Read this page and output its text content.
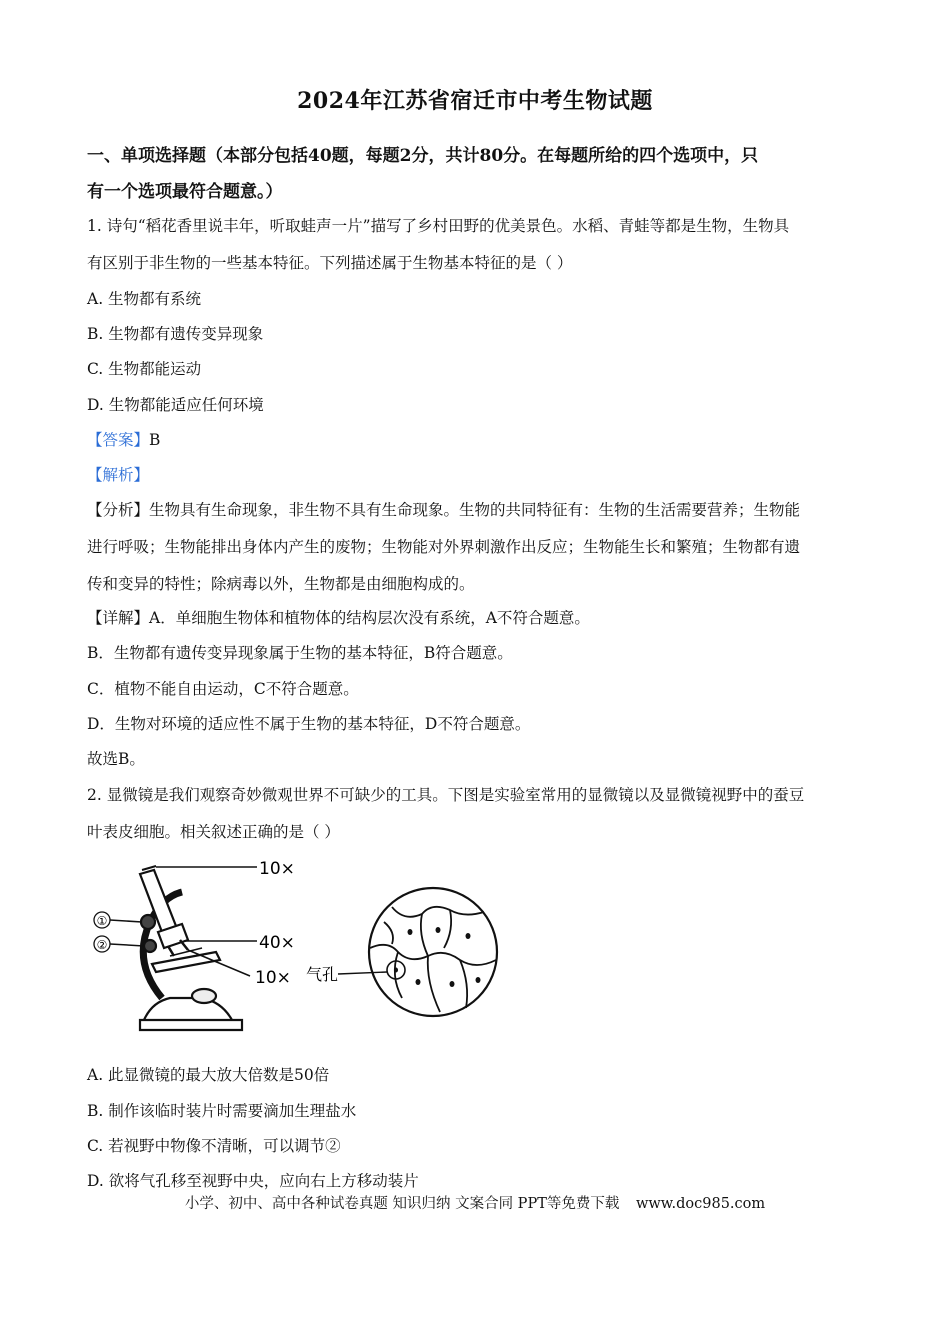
2024年江苏省宿迁市中考生物试题
一、单项选择题（本部分包括40题，每题2分，共计80分。在每题所给的四个选项中，只
有一个选项最符合题意。）
1. 诗句“稻花香里说丰年，听取蛙声一片”描写了乡村田野的优美景色。水稻、青蛙等都是生物，生物具
有区别于非生物的一些基本特征。下列描述属于生物基本特征的是（ ）
A. 生物都有系统
B. 生物都有遗传变异现象
C. 生物都能运动
D. 生物都能适应任何环境
【答案】B
【解析】
【分析】生物具有生命现象，非生物不具有生命现象。生物的共同特征有：生物的生活需要营养；生物能
进行呼吸；生物能排出身体内产生的废物；生物能对外界刺激作出反应；生物能生长和繁殖；生物都有遗
传和变异的特性；除病毒以外，生物都是由细胞构成的。
【详解】A．单细胞生物体和植物体的结构层次没有系统，A不符合题意。
B．生物都有遗传变异现象属于生物的基本特征，B符合题意。
C．植物不能自由运动，C不符合题意。
D．生物对环境的适应性不属于生物的基本特征，D不符合题意。
故选B。
2. 显微镜是我们观察奇妙微观世界不可缺少的工具。下图是实验室常用的显微镜以及显微镜视野中的蚕豆
叶表皮细胞。相关叙述正确的是（ ）
①
②
10×
40×
10× 气孔
A. 此显微镜的最大放大倍数是50倍
B. 制作该临时装片时需要滴加生理盐水
C. 若视野中物像不清晰，可以调节②
D. 欲将气孔移至视野中央，应向右上方移动装片
小学、初中、高中各种试卷真题 知识归纳 文案合同 PPT等免费下载 www.doc985.com
